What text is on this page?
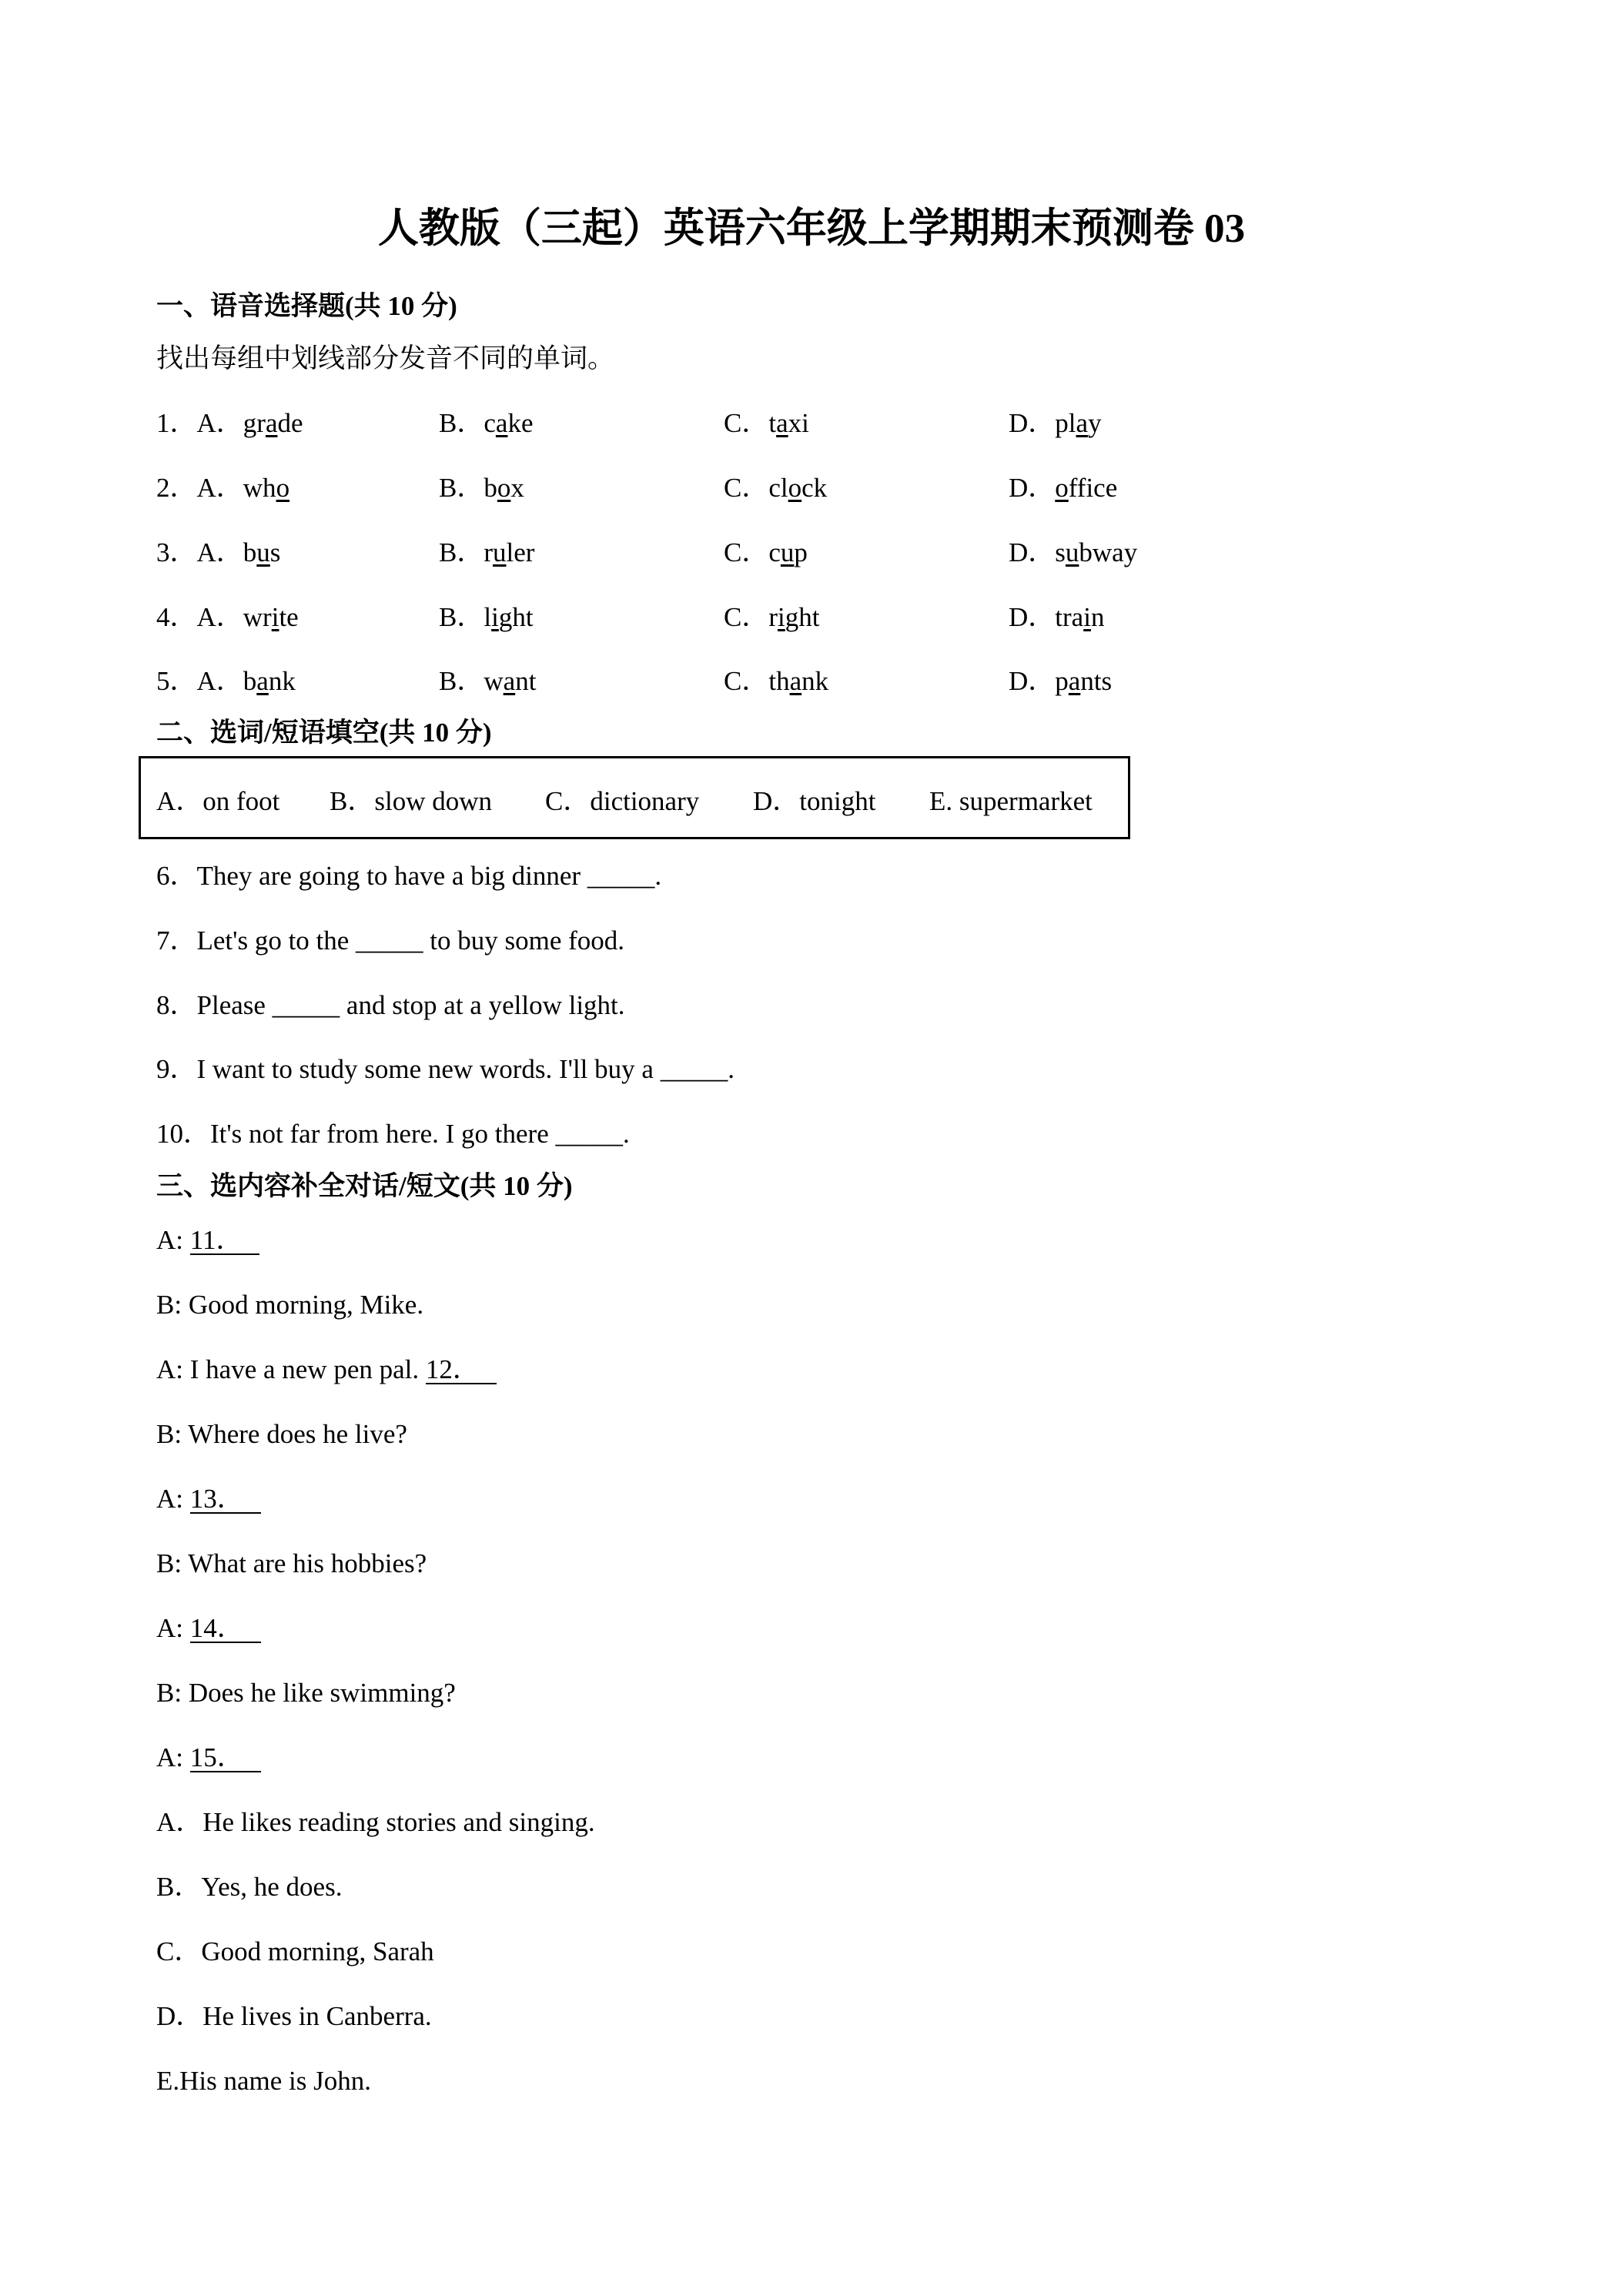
人教版（三起）英语六年级上学期期末预测卷 03
一、语音选择题(共 10 分)
找出每组中划线部分发音不同的单词。
1．A．grade	B．cake	C．taxi	D．play
2．A．who	B．box	C．clock	D．office
3．A．bus	B．ruler	C．cup	D．subway
4．A．write	B．light	C．right	D．train
5．A．bank	B．want	C．thank	D．pants
二、选词/短语填空(共 10 分)
A．on foot B．slow down C．dictionary D．tonight E. supermarket
6．They are going to have a big dinner _____.
7．Let's go to the _____ to buy some food.
8．Please _____ and stop at a yellow light.
9．I want to study some new words. I'll buy a _____.
10．It's not far from here. I go there _____.
三、选内容补全对话/短文(共 10 分)
A: 11．
B: Good morning, Mike.
A: I have a new pen pal. 12．
B: Where does he live?
A: 13．
B: What are his hobbies?
A: 14．
B: Does he like swimming?
A: 15．
A．He likes reading stories and singing.
B．Yes, he does.
C．Good morning, Sarah
D．He lives in Canberra.
E.His name is John.
